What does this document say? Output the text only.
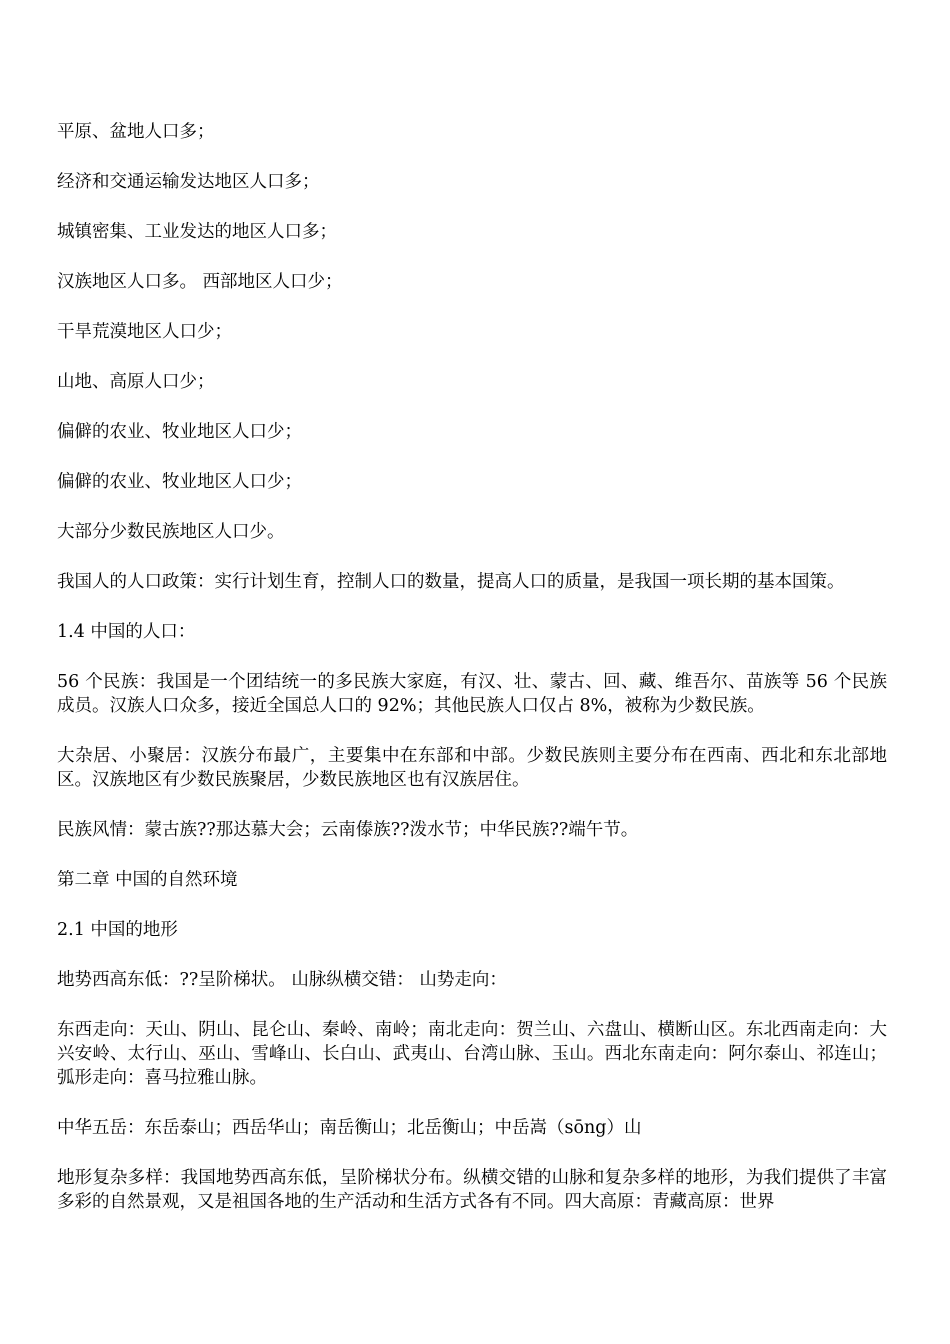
平原、盆地人口多；

经济和交通运输发达地区人口多；

城镇密集、工业发达的地区人口多；

汉族地区人口多。 西部地区人口少；

干旱荒漠地区人口少；

山地、高原人口少；

偏僻的农业、牧业地区人口少；

偏僻的农业、牧业地区人口少；

大部分少数民族地区人口少。

我国人的人口政策：实行计划生育，控制人口的数量，提高人口的质量，是我国一项长期的基本国策。

1.4 中国的人口：

56 个民族：我国是一个团结统一的多民族大家庭，有汉、壮、蒙古、回、藏、维吾尔、苗族等 56 个民族成员。汉族人口众多，接近全国总人口的 92%；其他民族人口仅占 8%，被称为少数民族。

大杂居、小聚居：汉族分布最广，主要集中在东部和中部。少数民族则主要分布在西南、西北和东北部地区。汉族地区有少数民族聚居，少数民族地区也有汉族居住。

民族风情：蒙古族??那达慕大会；云南傣族??泼水节；中华民族??端午节。

第二章 中国的自然环境

2.1 中国的地形

地势西高东低：??呈阶梯状。 山脉纵横交错： 山势走向：

东西走向：天山、阴山、昆仑山、秦岭、南岭；南北走向：贺兰山、六盘山、横断山区。东北西南走向：大兴安岭、太行山、巫山、雪峰山、长白山、武夷山、台湾山脉、玉山。西北东南走向：阿尔泰山、祁连山；弧形走向：喜马拉雅山脉。

中华五岳：东岳泰山；西岳华山；南岳衡山；北岳衡山；中岳嵩（sōng）山

地形复杂多样：我国地势西高东低，呈阶梯状分布。纵横交错的山脉和复杂多样的地形，为我们提供了丰富多彩的自然景观，又是祖国各地的生产活动和生活方式各有不同。四大高原：青藏高原：世界
